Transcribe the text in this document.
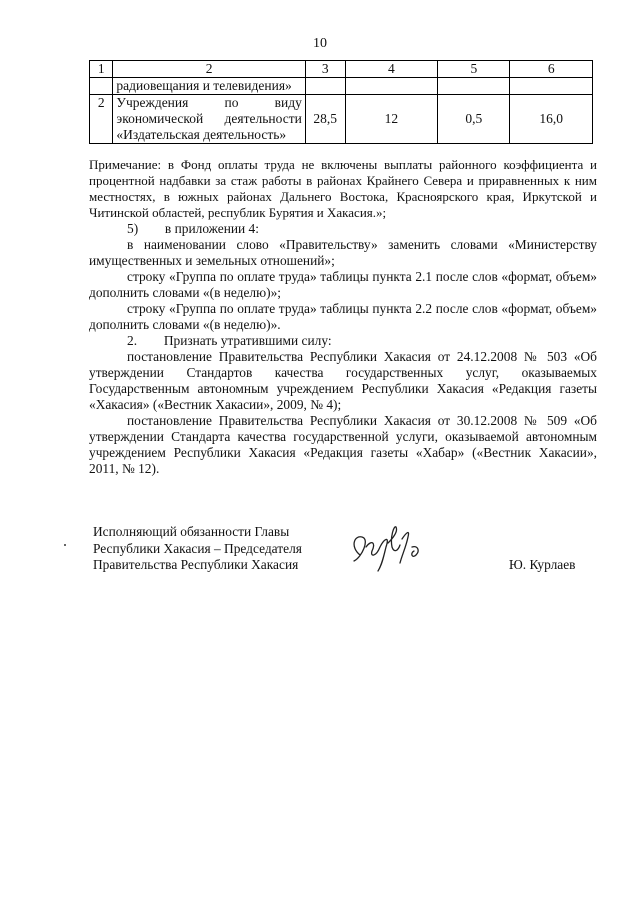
10
1	2	3	4	5	6
	радиовещания и телевидения»				
2	Учреждения по виду
экономической деятельности
«Издательская деятельность»	28,5	12	0,5	16,0

Примечание: в Фонд оплаты труда не включены выплаты районного коэффициента и процентной надбавки за стаж работы в районах Крайнего Севера и приравненных к ним местностях, в южных районах Дальнего Востока, Красноярского края, Иркутской и Читинской областей, республик Бурятия и Хакасия.»;

5)        в приложении 4:

в наименовании слово «Правительству» заменить словами «Министерству имущественных и земельных отношений»;

строку «Группа по оплате труда» таблицы пункта 2.1 после слов «формат, объем» дополнить словами «(в неделю)»;

строку «Группа по оплате труда» таблицы пункта 2.2 после слов «формат, объем» дополнить словами «(в неделю)».

2.        Признать утратившими силу:

постановление Правительства Республики Хакасия от 24.12.2008 № 503 «Об утверждении Стандартов качества государственных услуг, оказываемых Государственным автономным учреждением Республики Хакасия «Редакция газеты «Хакасия» («Вестник Хакасии», 2009, № 4);

постановление Правительства Республики Хакасия от 30.12.2008 № 509 «Об утверждении Стандарта качества государственной услуги, оказываемой автономным учреждением Республики Хакасия «Редакция газеты «Хабар» («Вестник Хакасии», 2011, № 12).

Исполняющий обязанности Главы
Республики Хакасия – Председателя
Правительства Республики Хакасия	Ю. Курлаев
